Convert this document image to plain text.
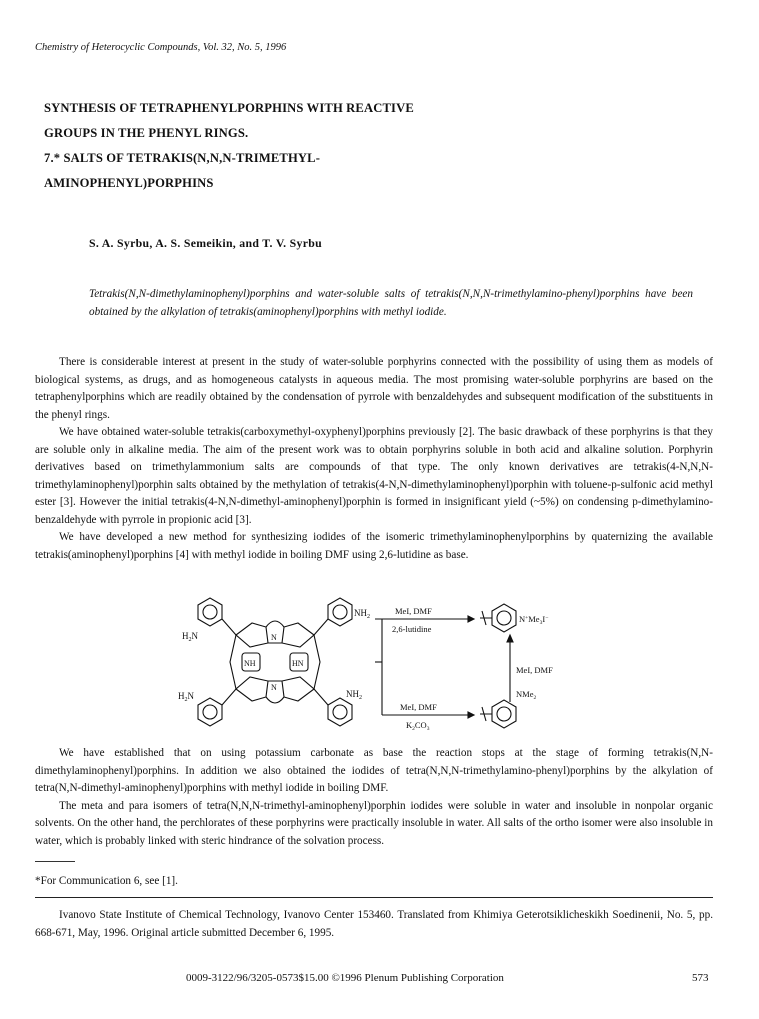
Chemistry of Heterocyclic Compounds, Vol. 32, No. 5, 1996
SYNTHESIS OF TETRAPHENYLPORPHINS WITH REACTIVE
GROUPS IN THE PHENYL RINGS.
7.* SALTS OF TETRAKIS(N,N,N-TRIMETHYL-
AMINOPHENYL)PORPHINS
S. A. Syrbu, A. S. Semeikin, and T. V. Syrbu
Tetrakis(N,N-dimethylaminophenyl)porphins and water-soluble salts of tetrakis(N,N,N-trimethylamino-phenyl)porphins have been obtained by the alkylation of tetrakis(aminophenyl)porphins with methyl iodide.

There is considerable interest at present in the study of water-soluble porphyrins connected with the possibility of using them as models of biological systems, as drugs, and as homogeneous catalysts in aqueous media. The most promising water-soluble porphyrins are based on the tetraphenylporphins which are readily obtained by the condensation of pyrrole with benzaldehydes and subsequent modification of the substituents in the phenyl rings.

We have obtained water-soluble tetrakis(carboxymethyl-oxyphenyl)porphins previously [2]. The basic drawback of these porphyrins is that they are soluble only in alkaline media. The aim of the present work was to obtain porphyrins soluble in both acid and alkaline solution. Porphyrin derivatives based on trimethylammonium salts are compounds of that type. The only known derivatives are tetrakis(4-N,N,N-trimethylaminophenyl)porphin salts obtained by the methylation of tetrakis(4-N,N-dimethylaminophenyl)porphin with toluene-p-sulfonic acid methyl ester [3]. However the initial tetrakis(4-N,N-dimethyl-aminophenyl)porphin is formed in insignificant yield (~5%) on condensing p-dimethylamino-benzaldehyde with pyrrole in propionic acid [3].

We have developed a new method for synthesizing iodides of the isomeric trimethylaminophenylporphins by quaternizing the available tetrakis(aminophenyl)porphins [4] with methyl iodide in boiling DMF using 2,6-lutidine as base.

$NH_2$
$H_2N$
NH	HN
N
N
$H_2N$	$NH_2$
MeI, DMF
2,6-lutidine
$N^+Me_3I^-$
MeI, DMF
NMe$_2$
MeI, DMF
$K_2CO_3$

We have established that on using potassium carbonate as base the reaction stops at the stage of forming tetrakis(N,N-dimethylaminophenyl)porphins. In addition we also obtained the iodides of tetra(N,N,N-trimethylamino-phenyl)porphins by the alkylation of tetra(N,N-dimethyl-aminophenyl)porphins with methyl iodide in boiling DMF.

The meta and para isomers of tetra(N,N,N-trimethyl-aminophenyl)porphin iodides were soluble in water and insoluble in nonpolar organic solvents. On the other hand, the perchlorates of these porphyrins were practically insoluble in water. All salts of the ortho isomer were also insoluble in water, which is probably linked with steric hindrance of the solvation process.

*For Communication 6, see [1].

Ivanovo State Institute of Chemical Technology, Ivanovo Center 153460. Translated from Khimiya Geterotsiklicheskikh Soedinenii, No. 5, pp. 668-671, May, 1996. Original article submitted December 6, 1995.

0009-3122/96/3205-0573$15.00 ©1996 Plenum Publishing Corporation	573
